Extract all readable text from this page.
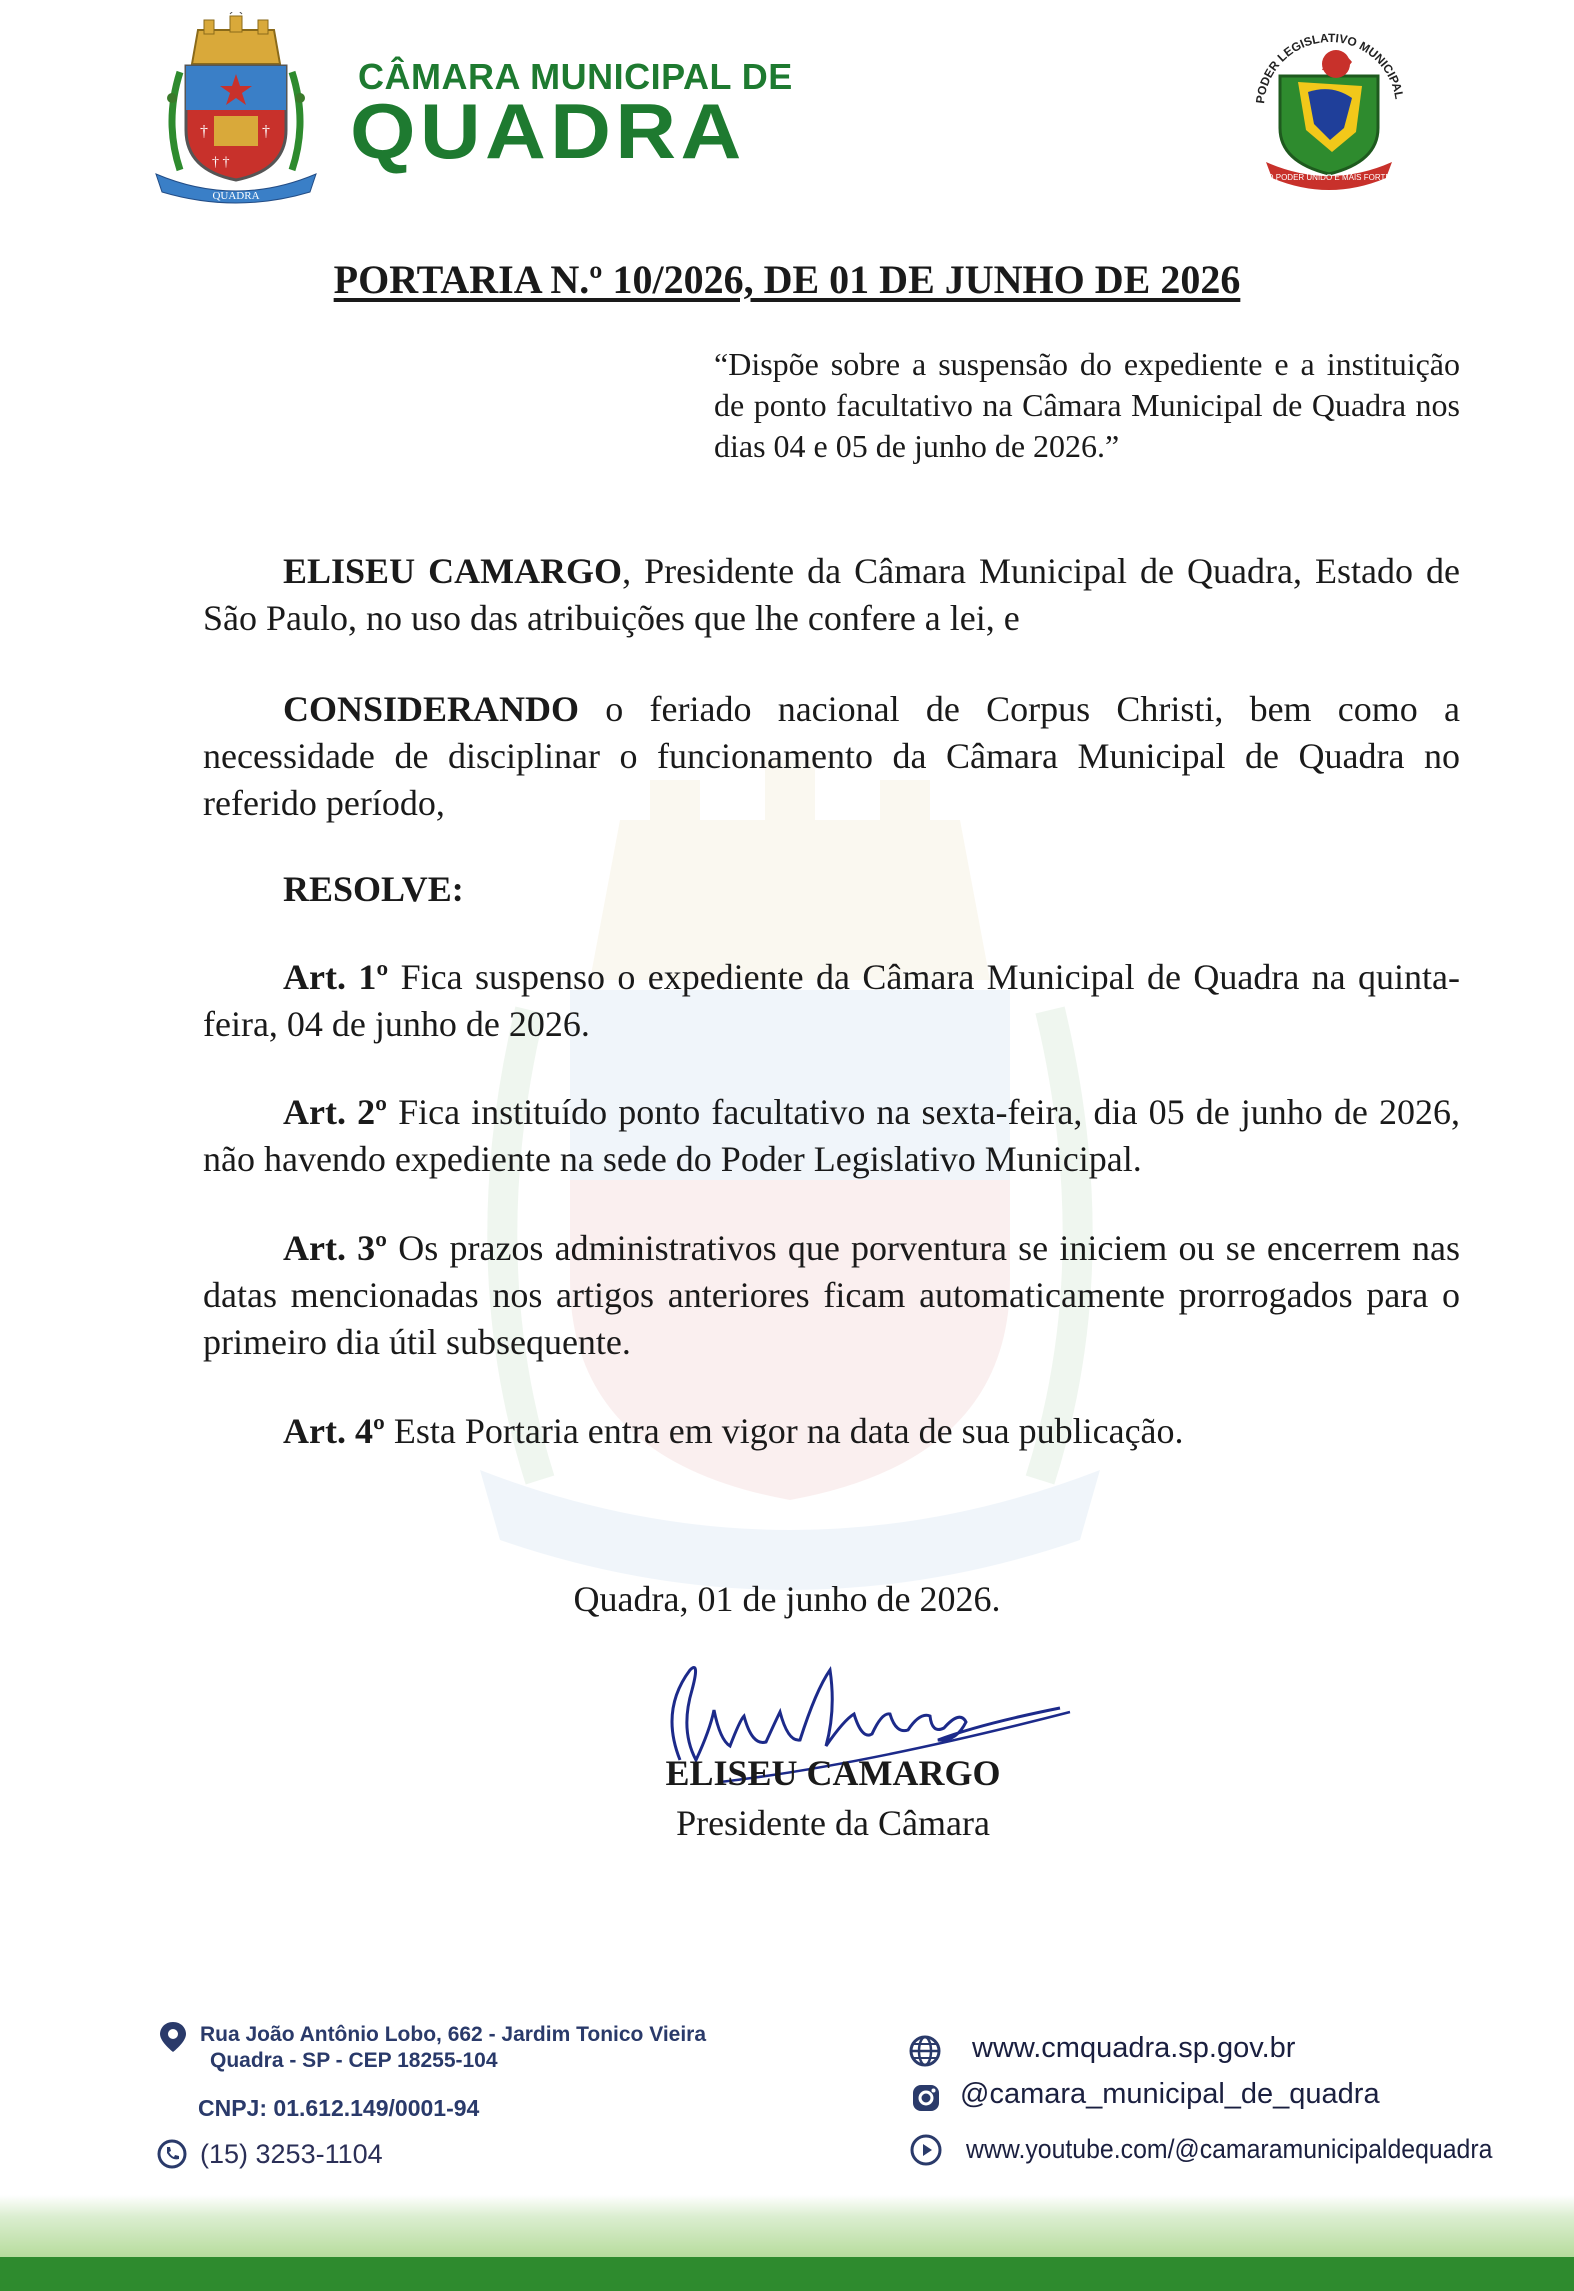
†	†
† †
QUADRA
CÂMARA MUNICIPAL DE
QUADRA	PODER LEGISLATIVO MUNICIPAL
O PODER UNIDO E MAIS FORTE
PORTARIA N.º 10/2026, DE 01 DE JUNHO DE 2026
“Dispõe sobre a suspensão do expediente e a instituição de ponto facultativo na Câmara Municipal de Quadra nos dias 04 e 05 de junho de 2026.”
ELISEU CAMARGO, Presidente da Câmara Municipal de Quadra, Estado de São Paulo, no uso das atribuições que lhe confere a lei, e
CONSIDERANDO o feriado nacional de Corpus Christi, bem como a necessidade de disciplinar o funcionamento da Câmara Municipal de Quadra no referido período,
RESOLVE:
Art. 1º Fica suspenso o expediente da Câmara Municipal de Quadra na quinta-feira, 04 de junho de 2026.
Art. 2º Fica instituído ponto facultativo na sexta-feira, dia 05 de junho de 2026, não havendo expediente na sede do Poder Legislativo Municipal.
Art. 3º Os prazos administrativos que porventura se iniciem ou se encerrem nas datas mencionadas nos artigos anteriores ficam automaticamente prorrogados para o primeiro dia útil subsequente.
Art. 4º Esta Portaria entra em vigor na data de sua publicação.
Quadra, 01 de junho de 2026.
ELISEU CAMARGO
Presidente da Câmara
Rua João Antônio Lobo, 662 - Jardim Tonico Vieira
Quadra - SP - CEP 18255-104
CNPJ: 01.612.149/0001-94
(15) 3253-1104
www.cmquadra.sp.gov.br
@camara_municipal_de_quadra
www.youtube.com/@camaramunicipaldequadra
